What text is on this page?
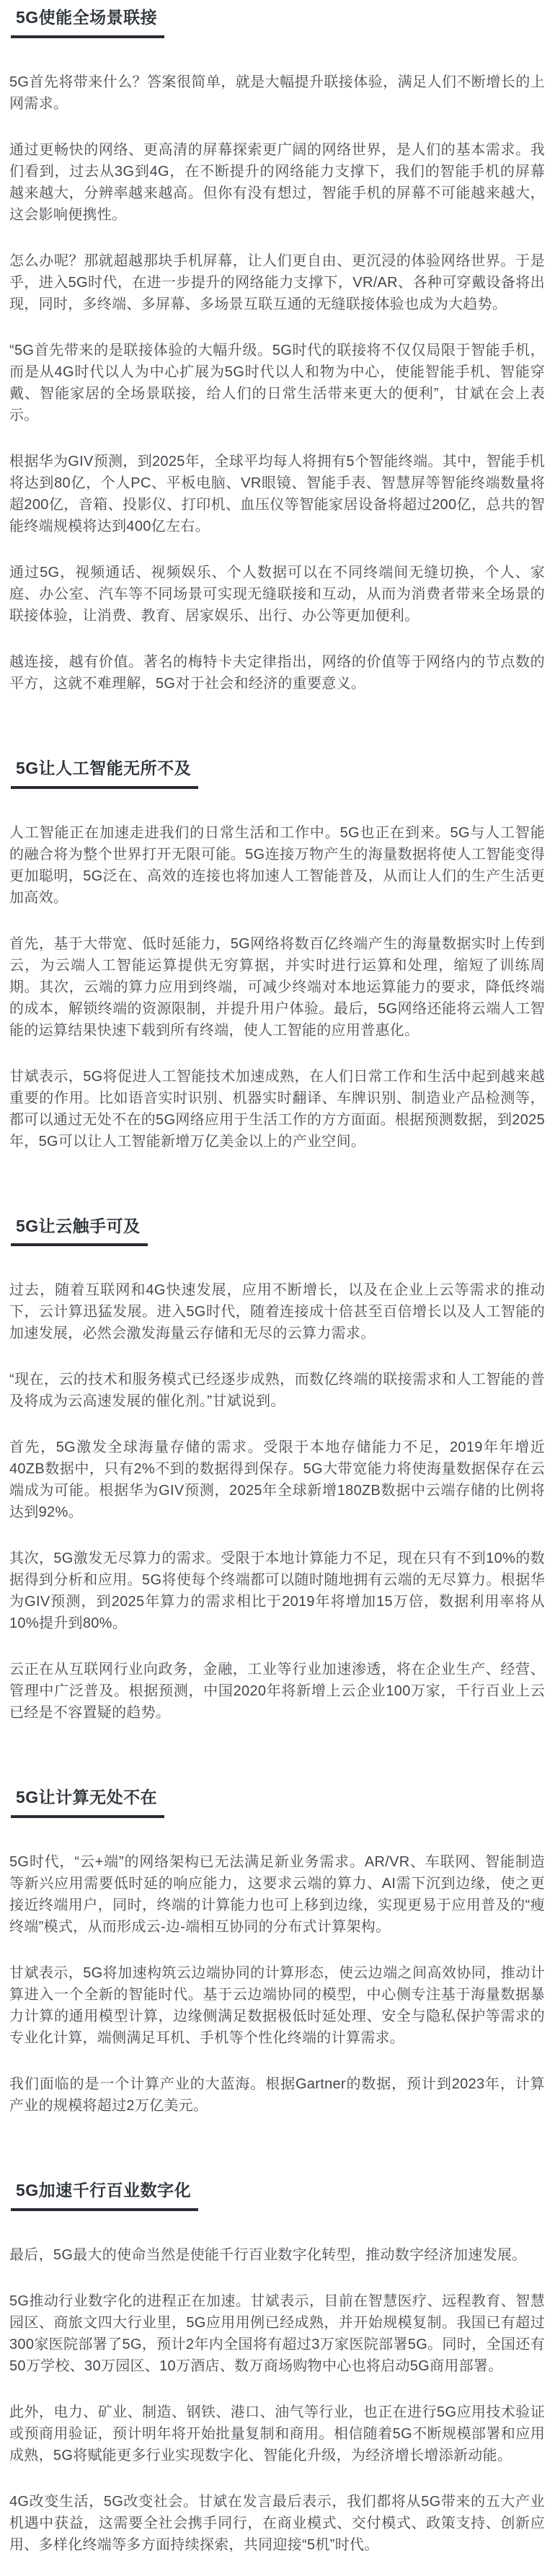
5G使能全场景联接

5G首先将带来什么？答案很简单，就是大幅提升联接体验，满足人们不断增长的上网需求。

通过更畅快的网络、更高清的屏幕探索更广阔的网络世界，是人们的基本需求。我们看到，过去从3G到4G，在不断提升的网络能力支撑下，我们的智能手机的屏幕越来越大，分辨率越来越高。但你有没有想过，智能手机的屏幕不可能越来越大，这会影响便携性。

怎么办呢？那就超越那块手机屏幕，让人们更自由、更沉浸的体验网络世界。于是乎，进入5G时代，在进一步提升的网络能力支撑下，VR/AR、各种可穿戴设备将出现，同时，多终端、多屏幕、多场景互联互通的无缝联接体验也成为大趋势。

“5G首先带来的是联接体验的大幅升级。5G时代的联接将不仅仅局限于智能手机，而是从4G时代以人为中心扩展为5G时代以人和物为中心，使能智能手机、智能穿戴、智能家居的全场景联接，给人们的日常生活带来更大的便利”，甘斌在会上表示。

根据华为GIV预测，到2025年，全球平均每人将拥有5个智能终端。其中，智能手机将达到80亿，个人PC、平板电脑、VR眼镜、智能手表、智慧屏等智能终端数量将超200亿，音箱、投影仪、打印机、血压仪等智能家居设备将超过200亿，总共的智能终端规模将达到400亿左右。

通过5G，视频通话、视频娱乐、个人数据可以在不同终端间无缝切换，个人、家庭、办公室、汽车等不同场景可实现无缝联接和互动，从而为消费者带来全场景的联接体验，让消费、教育、居家娱乐、出行、办公等更加便利。

越连接，越有价值。著名的梅特卡夫定律指出，网络的价值等于网络内的节点数的平方，这就不难理解，5G对于社会和经济的重要意义。

5G让人工智能无所不及

人工智能正在加速走进我们的日常生活和工作中。5G也正在到来。5G与人工智能的融合将为整个世界打开无限可能。5G连接万物产生的海量数据将使人工智能变得更加聪明，5G泛在、高效的连接也将加速人工智能普及，从而让人们的生产生活更加高效。

首先，基于大带宽、低时延能力，5G网络将数百亿终端产生的海量数据实时上传到云，为云端人工智能运算提供无穷算据，并实时进行运算和处理，缩短了训练周期。其次，云端的算力应用到终端，可减少终端对本地运算能力的要求，降低终端的成本，解锁终端的资源限制，并提升用户体验。最后，5G网络还能将云端人工智能的运算结果快速下载到所有终端，使人工智能的应用普惠化。

甘斌表示，5G将促进人工智能技术加速成熟，在人们日常工作和生活中起到越来越重要的作用。比如语音实时识别、机器实时翻译、车牌识别、制造业产品检测等，都可以通过无处不在的5G网络应用于生活工作的方方面面。根据预测数据，到2025年，5G可以让人工智能新增万亿美金以上的产业空间。

5G让云触手可及

过去，随着互联网和4G快速发展，应用不断增长，以及在企业上云等需求的推动下，云计算迅猛发展。进入5G时代，随着连接成十倍甚至百倍增长以及人工智能的加速发展，必然会激发海量云存储和无尽的云算力需求。

“现在，云的技术和服务模式已经逐步成熟，而数亿终端的联接需求和人工智能的普及将成为云高速发展的催化剂。”甘斌说到。

首先，5G激发全球海量存储的需求。受限于本地存储能力不足，2019年年增近40ZB数据中，只有2%不到的数据得到保存。5G大带宽能力将使海量数据保存在云端成为可能。根据华为GIV预测，2025年全球新增180ZB数据中云端存储的比例将达到92%。

其次，5G激发无尽算力的需求。受限于本地计算能力不足，现在只有不到10%的数据得到分析和应用。5G将使每个终端都可以随时随地拥有云端的无尽算力。根据华为GIV预测，到2025年算力的需求相比于2019年将增加15万倍，数据利用率将从10%提升到80%。

云正在从互联网行业向政务，金融，工业等行业加速渗透，将在企业生产、经营、管理中广泛普及。根据预测，中国2020年将新增上云企业100万家，千行百业上云已经是不容置疑的趋势。

5G让计算无处不在

5G时代，“云+端”的网络架构已无法满足新业务需求。AR/VR、车联网、智能制造等新兴应用需要低时延的响应能力，这要求云端的算力、AI需下沉到边缘，使之更接近终端用户，同时，终端的计算能力也可上移到边缘，实现更易于应用普及的“瘦终端”模式，从而形成云-边-端相互协同的分布式计算架构。

甘斌表示，5G将加速构筑云边端协同的计算形态，使云边端之间高效协同，推动计算进入一个全新的智能时代。基于云边端协同的模型，中心侧专注基于海量数据暴力计算的通用模型计算，边缘侧满足数据极低时延处理、安全与隐私保护等需求的专业化计算，端侧满足耳机、手机等个性化终端的计算需求。

我们面临的是一个计算产业的大蓝海。根据Gartner的数据，预计到2023年，计算产业的规模将超过2万亿美元。

5G加速千行百业数字化

最后，5G最大的使命当然是使能千行百业数字化转型，推动数字经济加速发展。

5G推动行业数字化的进程正在加速。甘斌表示，目前在智慧医疗、远程教育、智慧园区、商旅文四大行业里，5G应用用例已经成熟，并开始规模复制。我国已有超过300家医院部署了5G，预计2年内全国将有超过3万家医院部署5G。同时，全国还有50万学校、30万园区、10万酒店、数万商场购物中心也将启动5G商用部署。

此外，电力、矿业、制造、钢铁、港口、油气等行业，也正在进行5G应用技术验证或预商用验证，预计明年将开始批量复制和商用。相信随着5G不断规模部署和应用成熟，5G将赋能更多行业实现数字化、智能化升级，为经济增长增添新动能。

4G改变生活，5G改变社会。甘斌在发言最后表示，我们都将从5G带来的五大产业机遇中获益，这需要全社会携手同行，在商业模式、交付模式、政策支持、创新应用、多样化终端等多方面持续探索，共同迎接“5机”时代。
